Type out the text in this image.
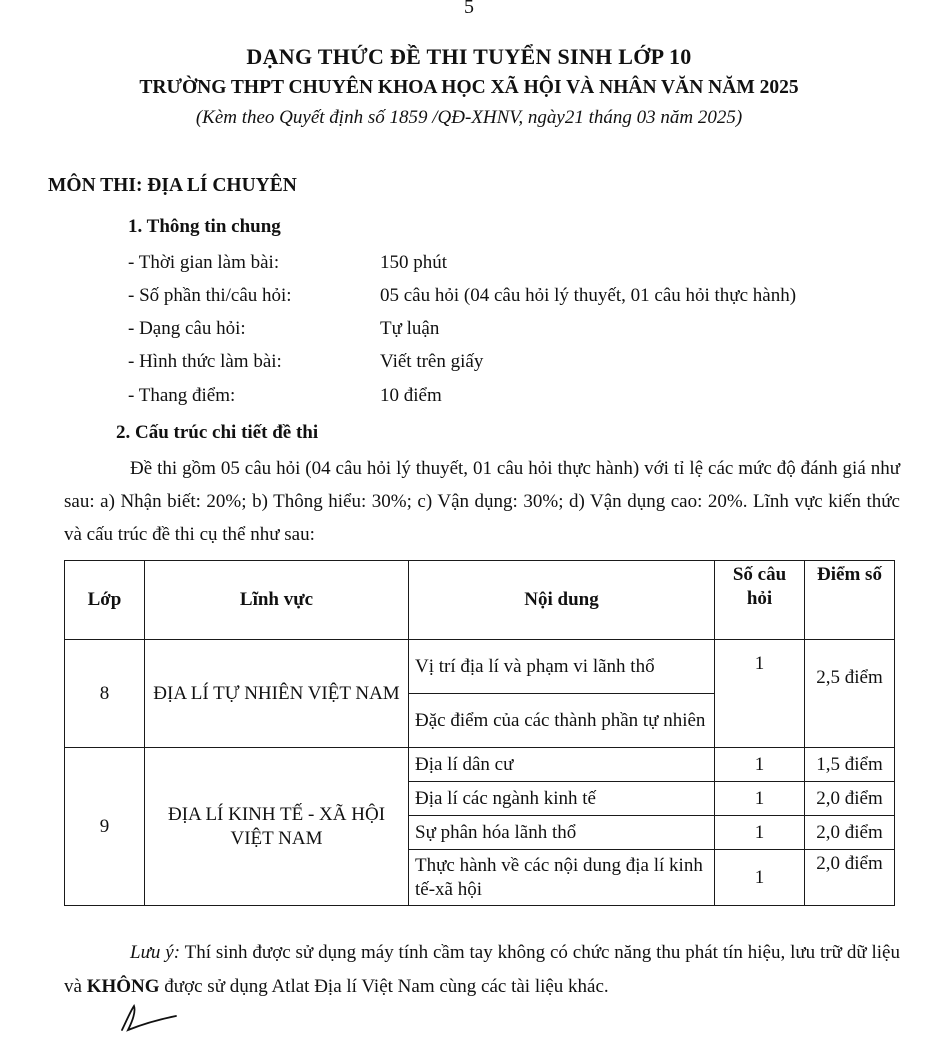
5
DẠNG THỨC ĐỀ THI TUYỂN SINH LỚP 10
TRƯỜNG THPT CHUYÊN KHOA HỌC XÃ HỘI VÀ NHÂN VĂN NĂM 2025
(Kèm theo Quyết định số 1859 /QĐ-XHNV, ngày21 tháng 03 năm 2025)
MÔN THI: ĐỊA LÍ CHUYÊN
1. Thông tin chung
- Thời gian làm bài:	150 phút
- Số phần thi/câu hỏi:	05 câu hỏi (04 câu hỏi lý thuyết, 01 câu hỏi thực hành)
- Dạng câu hỏi:	Tự luận
- Hình thức làm bài:	Viết trên giấy
- Thang điểm:	10 điểm
2. Cấu trúc chi tiết đề thi
Đề thi gồm 05 câu hỏi (04 câu hỏi lý thuyết, 01 câu hỏi thực hành) với tỉ lệ các mức độ đánh giá như sau: a) Nhận biết: 20%; b) Thông hiểu: 30%; c) Vận dụng: 30%; d) Vận dụng cao: 20%. Lĩnh vực kiến thức và cấu trúc đề thi cụ thể như sau:
Lớp	Lĩnh vực	Nội dung	Số câu hỏi	Điểm số
8	ĐỊA LÍ TỰ NHIÊN VIỆT NAM	Vị trí địa lí và phạm vi lãnh thổ	1	2,5 điểm
		Đặc điểm của các thành phần tự nhiên		
9	ĐỊA LÍ KINH TẾ - XÃ HỘI VIỆT NAM	Địa lí dân cư	1	1,5 điểm
		Địa lí các ngành kinh tế	1	2,0 điểm
		Sự phân hóa lãnh thổ	1	2,0 điểm
		Thực hành về các nội dung địa lí kinh tế-xã hội	1	2,0 điểm
Lưu ý: Thí sinh được sử dụng máy tính cầm tay không có chức năng thu phát tín hiệu, lưu trữ dữ liệu và KHÔNG được sử dụng Atlat Địa lí Việt Nam cùng các tài liệu khác.
